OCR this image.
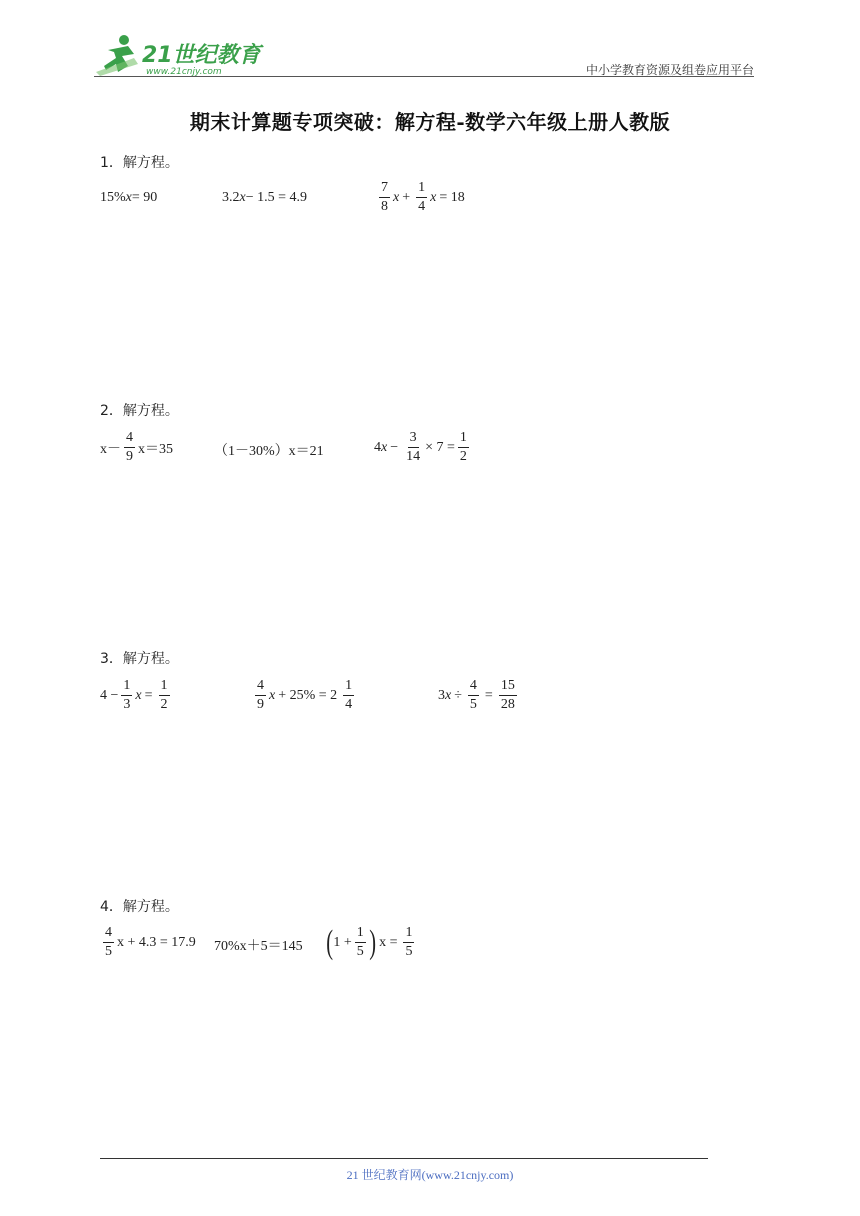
21世纪教育
www.21cnjy.com	中小学教育资源及组卷应用平台
期末计算题专项突破：解方程-数学六年级上册人教版
1．解方程。
15% x = 90	3.2 x − 1.5 = 4.9	$\frac{7}{8}$ $x + \frac{1}{4}$ x = 18
2．解方程。
$x- \frac{4}{9} x=35$	（1－30%）x＝21	4 $x - \frac{3}{14} \times 7 = \frac{1}{2}$
3．解方程。
$4 - \frac{1}{3}$ $x = \frac{1}{2}$	$\frac{4}{9}$ $x + 25\% = 2 \frac{1}{4}$	3 $x \div \frac{4}{5} = \frac{15}{28}$
4．解方程。
$\frac{4}{5}$ x + 4.3 = 17.9 70%x＋5＝145 ( $1 + \frac{1}{5}$ ) $x = \frac{1}{5}$
21 世纪教育网(www.21cnjy.com)
